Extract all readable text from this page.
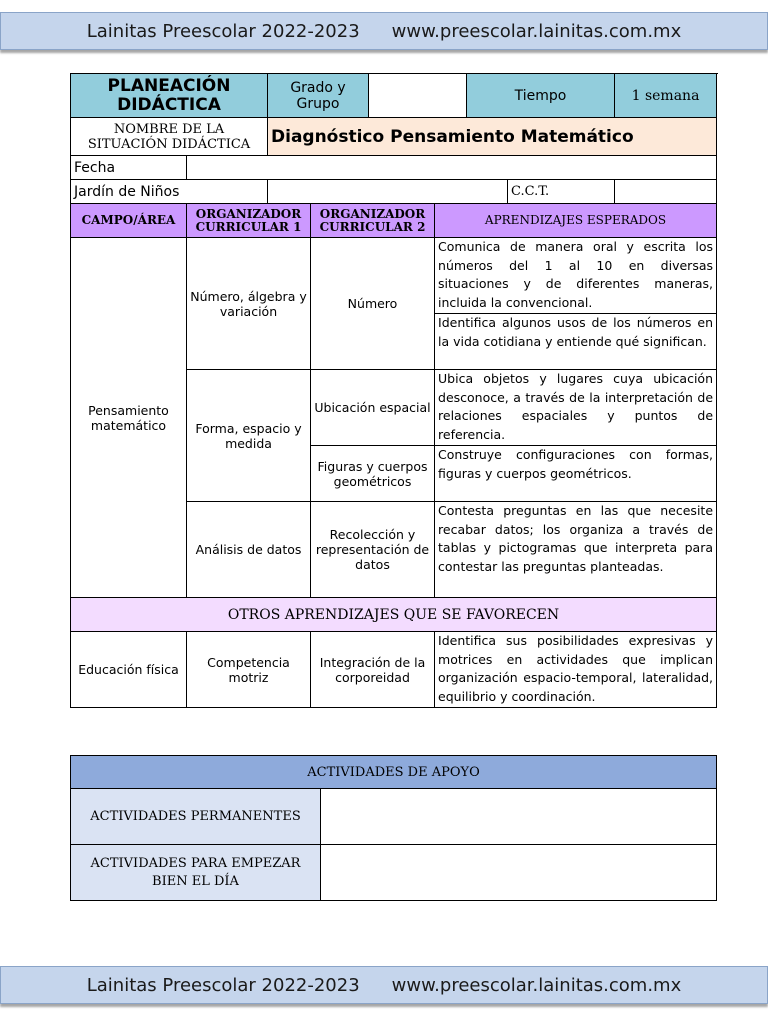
Lainitas Preescolar 2022-2023 www.preescolar.lainitas.com.mx
PLANEACIÓN DIDÁCTICA		Grado y Grupo				Tiempo		1 semana
NOMBRE DE LA SITUACIÓN DIDÁCTICA		Diagnóstico Pensamiento Matemático						
Fecha								
Jardín de Niños							C.C.T.	
CAMPO/ÁREA	ORGANIZADOR CURRICULAR 1		ORGANIZADOR CURRICULAR 2		APRENDIZAJES ESPERADOS			
Pensamiento matemático	Número, álgebra y variación		Número		Comunica de manera oral y escrita los números del 1 al 10 en diversas situaciones y de diferentes maneras, incluida la convencional.			
					Identifica algunos usos de los números en la vida cotidiana y entiende qué significan.			
	Forma, espacio y medida		Ubicación espacial		Ubica objetos y lugares cuya ubicación desconoce, a través de la interpretación de relaciones espaciales y puntos de referencia.			
			Figuras y cuerpos geométricos		Construye configuraciones con formas, figuras y cuerpos geométricos.			
	Análisis de datos		Recolección y representación de datos		Contesta preguntas en las que necesite recabar datos; los organiza a través de tablas y pictogramas que interpreta para contestar las preguntas planteadas.			
OTROS APRENDIZAJES QUE SE FAVORECEN								
Educación física	Competencia motriz		Integración de la corporeidad		Identifica sus posibilidades expresivas y motrices en actividades que implican organización espacio-temporal, lateralidad, equilibrio y coordinación.			
ACTIVIDADES DE APOYO	
ACTIVIDADES PERMANENTES	
ACTIVIDADES PARA EMPEZAR BIEN EL DÍA	
Lainitas Preescolar 2022-2023 www.preescolar.lainitas.com.mx
